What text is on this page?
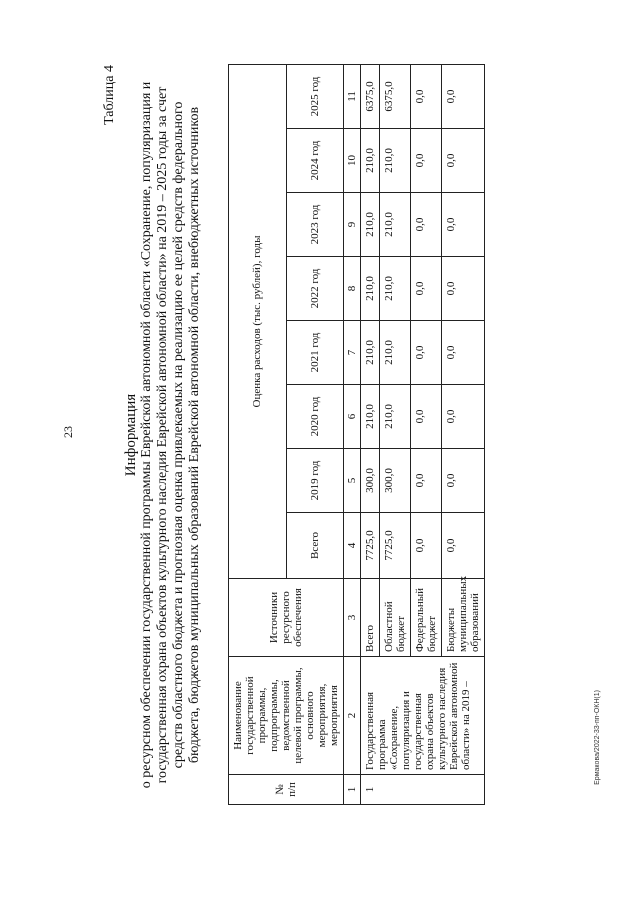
23
Ермакова/2022-33-пп-ОКН(1)
Таблица 4
Информация о ресурсном обеспечении государственной программы Еврейской автономной области «Сохранение, популяризация и государственная охрана объектов культурного наследия Еврейской автономной области» на 2019 – 2025 годы за счет средств областного бюджета и прогнозная оценка привлекаемых на реализацию ее целей средств федерального бюджета, бюджетов муниципальных образований Еврейской автономной области, внебюджетных источников
№ п/п	Наименование государственной программы, подпрограммы, ведомственной целевой программы, основного мероприятия, мероприятия	Источники ресурсного обеспечения	Оценка расходов (тыс. рублей), годы							
			Всего	2019 год	2020 год	2021 год	2022 год	2023 год	2024 год	2025 год
1	2	3	4	5	6	7	8	9	10	11
1	Государственная программа «Сохранение, популяризация и государственная охрана объектов культурного наследия Еврейской автономной области» на 2019 –	Всего	7725,0	300,0	210,0	210,0	210,0	210,0	210,0	6375,0
		Областной бюджет	7725,0	300,0	210,0	210,0	210,0	210,0	210,0	6375,0
		Федеральный бюджет	0,0	0,0	0,0	0,0	0,0	0,0	0,0	0,0
		Бюджеты муниципальных образований	0,0	0,0	0,0	0,0	0,0	0,0	0,0	0,0
